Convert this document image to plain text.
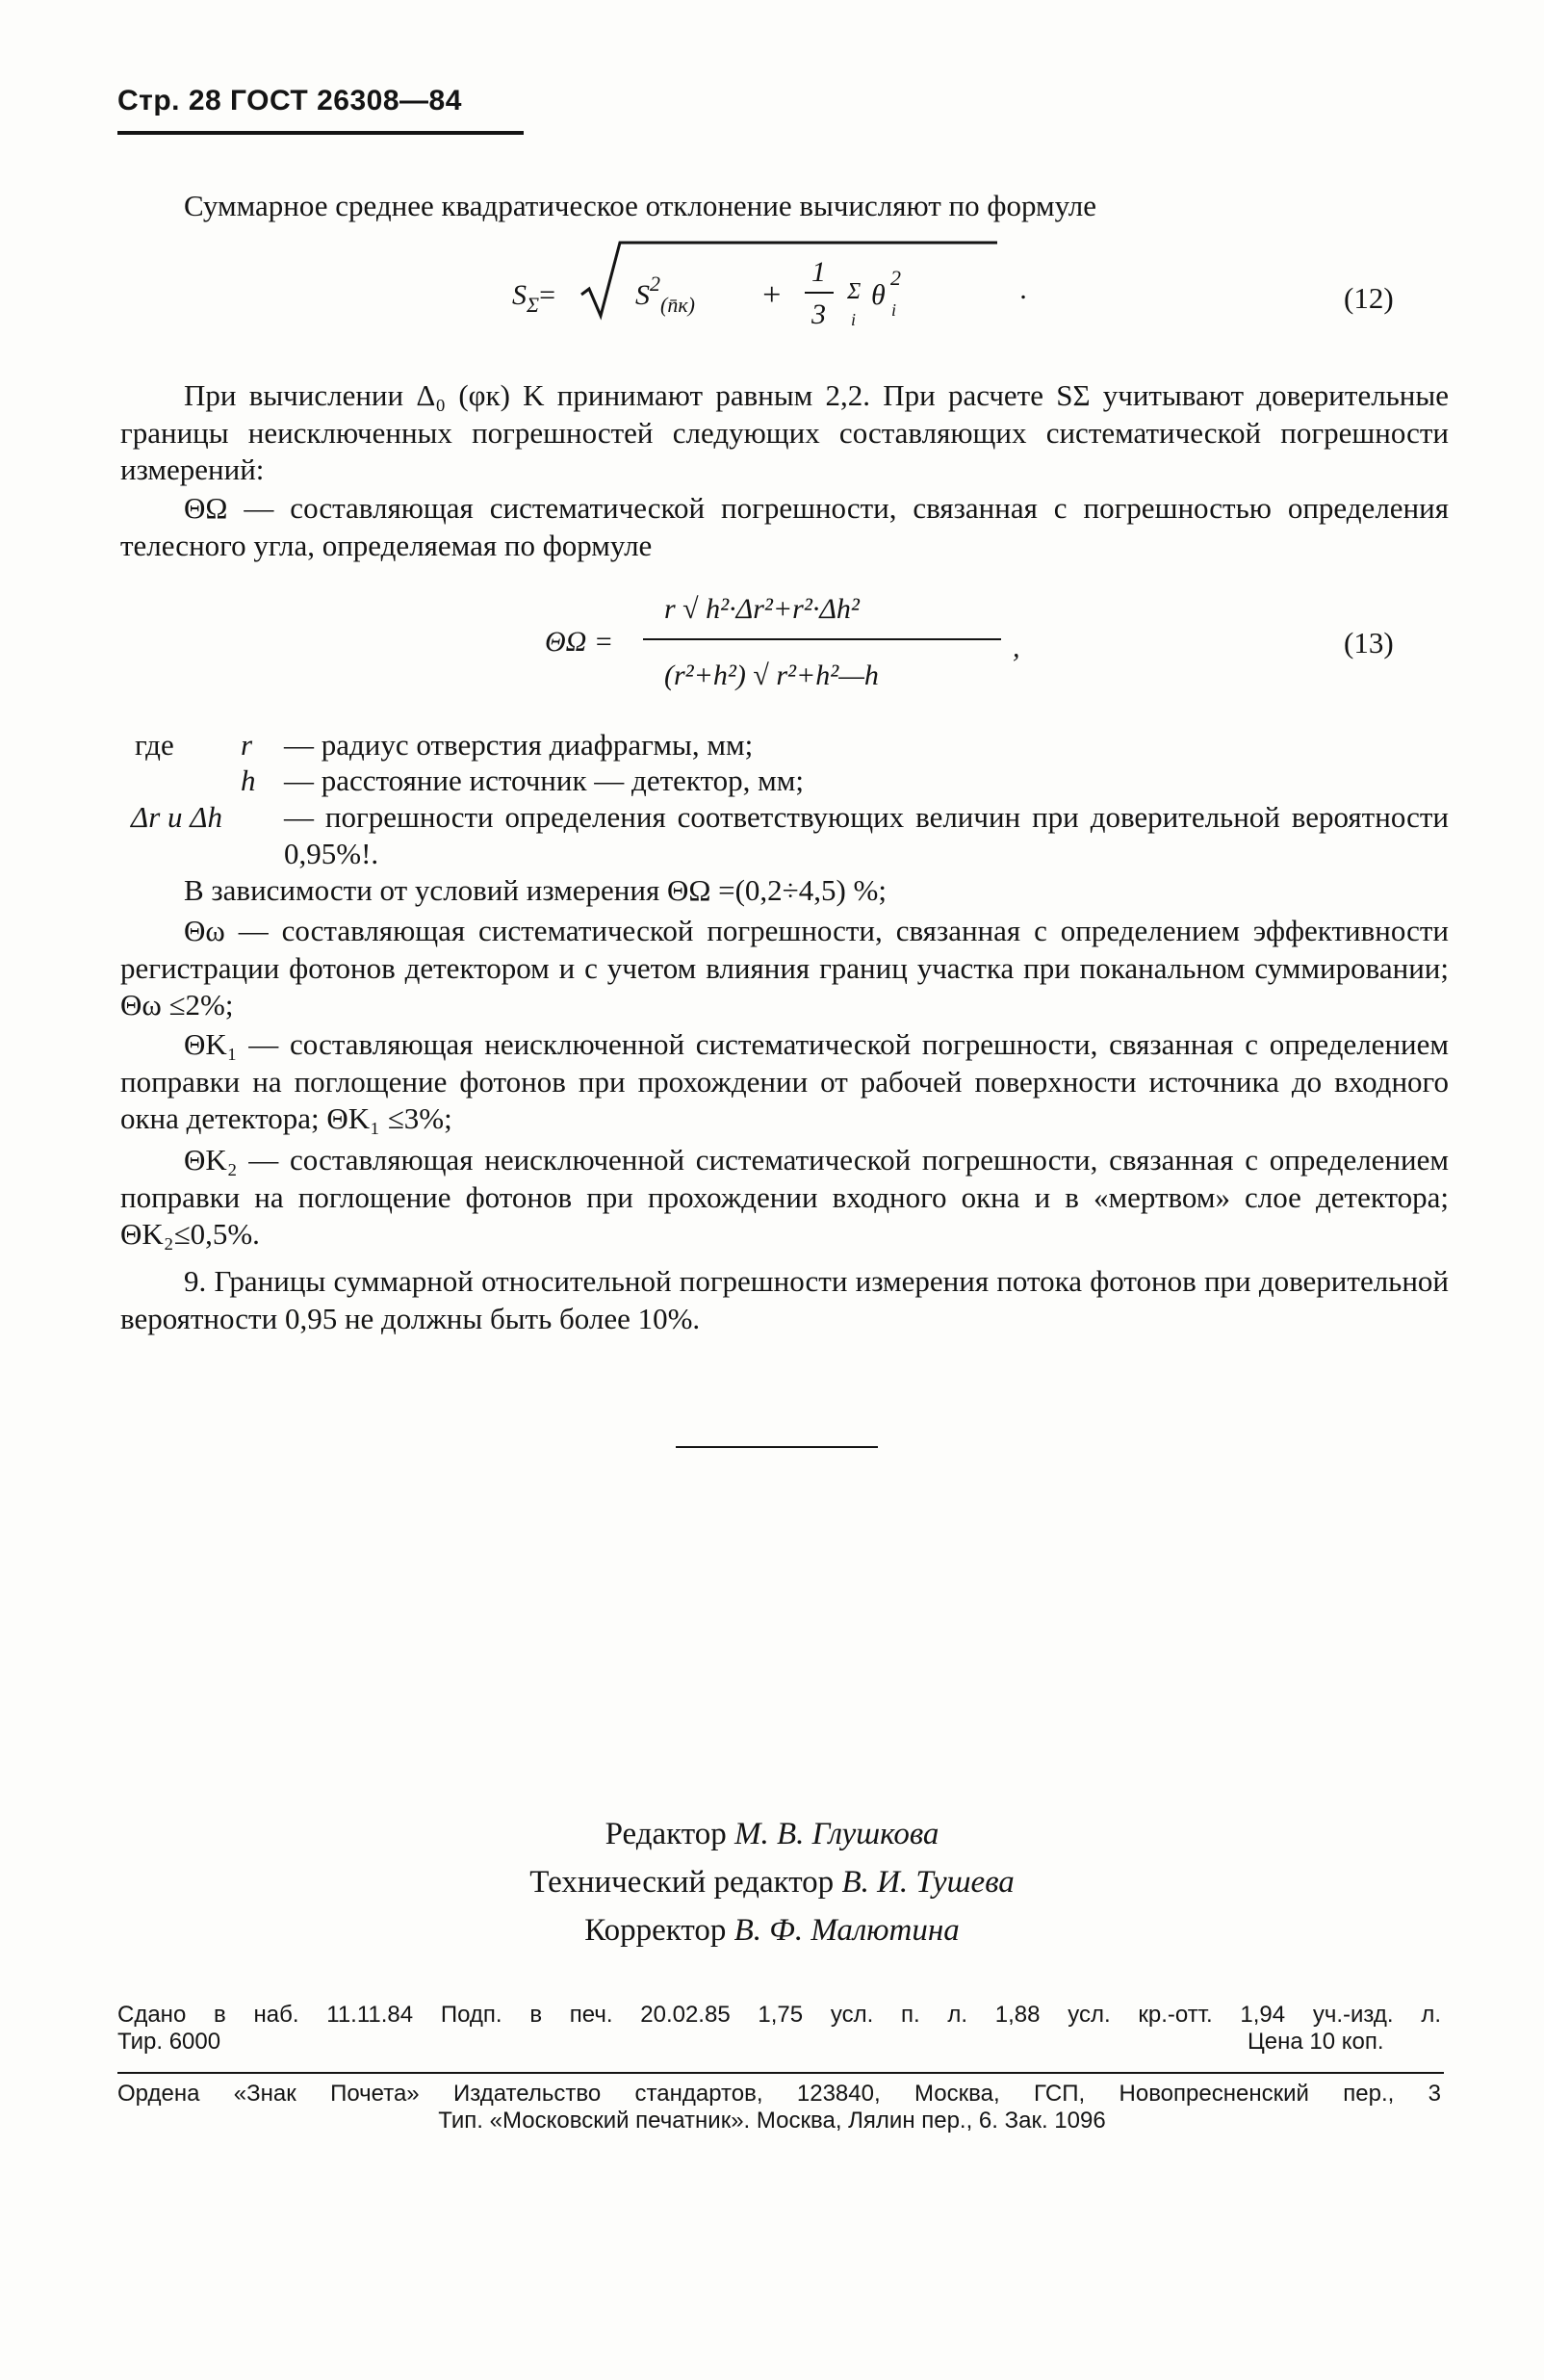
Стр. 28 ГОСТ 26308—84
Суммарное среднее квадратическое отклонение вычисляют по формуле
$S_\Sigma=$	$S^2_{(n̄к)}$ +
1
3
Σ
i
θ
2
i
.	(12)
При вычислении Δ₀ (φк) K принимают равным 2,2. При расчете SΣ учитывают доверительные границы неисключенных погрешностей следующих составляющих систематической погрешности измерений:
ΘΩ — составляющая систематической погрешности, связанная с погрешностью определения телесного угла, определяемая по формуле
ΘΩ =
r √ h²·Δr²+r²·Δh²
(r²+h²) √ r²+h²—h
,	(13)
где r — радиус отверстия диафрагмы, мм;
h — расстояние источник — детектор, мм;
Δr и Δh — погрешности определения соответствующих величин при доверительной вероятности 0,95%!.
В зависимости от условий измерения ΘΩ =(0,2÷4,5) %;
Θω — составляющая систематической погрешности, связанная с определением эффективности регистрации фотонов детектором и с учетом влияния границ участка при поканальном суммировании; Θω ≤2%;
ΘK₁ — составляющая неисключенной систематической погрешности, связанная с определением поправки на поглощение фотонов при прохождении от рабочей поверхности источника до входного окна детектора; ΘK₁ ≤3%;
ΘK₂ — составляющая неисключенной систематической погрешности, связанная с определением поправки на поглощение фотонов при прохождении входного окна и в «мертвом» слое детектора; ΘK₂≤0,5%.
9. Границы суммарной относительной погрешности измерения потока фотонов при доверительной вероятности 0,95 не должны быть более 10%.
Редактор М. В. Глушкова
Технический редактор В. И. Тушева
Корректор В. Ф. Малютина
Сдано в наб. 11.11.84 Подп. в печ. 20.02.85 1,75 усл. п. л. 1,88 усл. кр.-отт. 1,94 уч.-изд. л.
Тир. 6000	Цена 10 коп.
Ордена «Знак Почета» Издательство стандартов, 123840, Москва, ГСП, Новопресненский пер., 3
Тип. «Московский печатник». Москва, Лялин пер., 6. Зак. 1096
